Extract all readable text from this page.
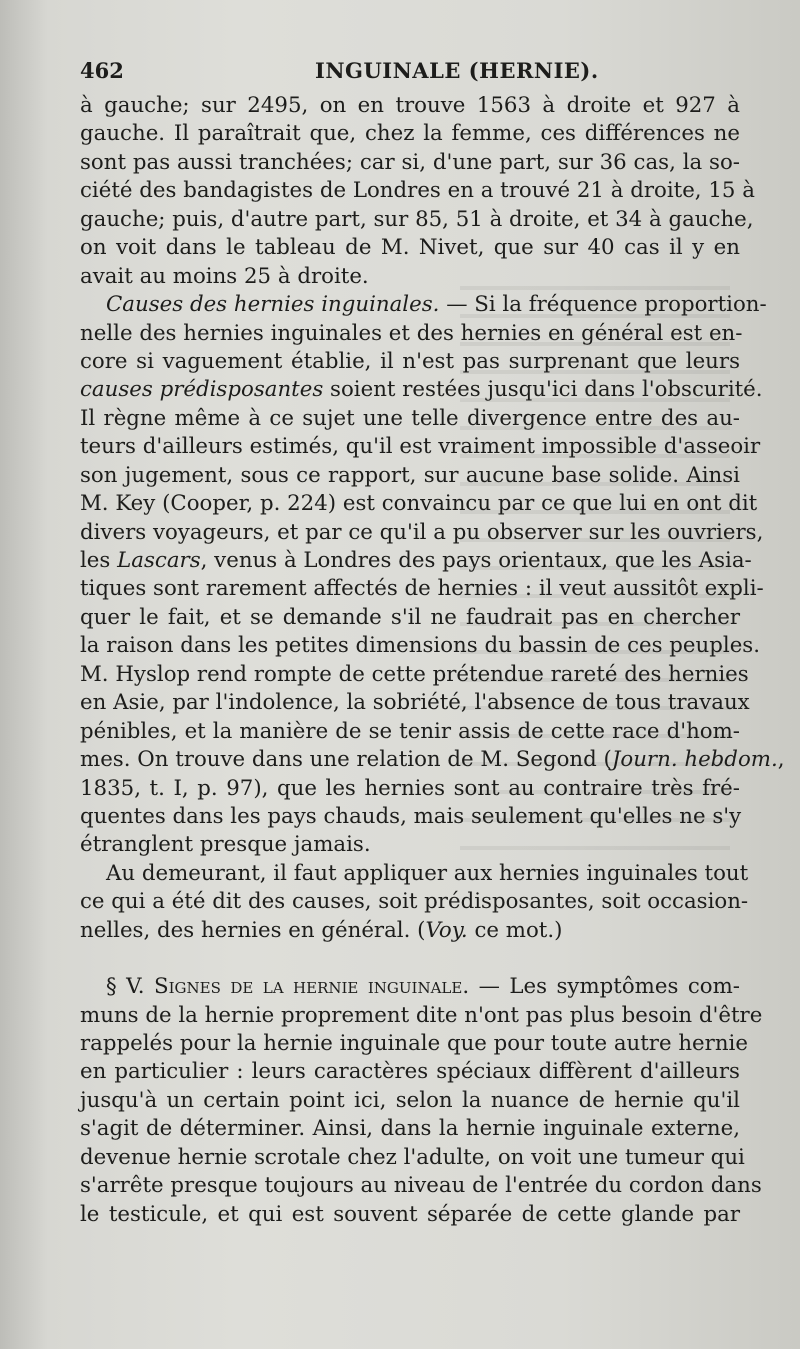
462	INGUINALE (HERNIE).
à gauche; sur 2495, on en trouve 1563 à droite et 927 à
gauche. Il paraîtrait que, chez la femme, ces différences ne
sont pas aussi tranchées; car si, d'une part, sur 36 cas, la so-
ciété des bandagistes de Londres en a trouvé 21 à droite, 15 à
gauche; puis, d'autre part, sur 85, 51 à droite, et 34 à gauche,
on voit dans le tableau de M. Nivet, que sur 40 cas il y en
avait au moins 25 à droite.
Causes des hernies inguinales. — Si la fréquence proportion-
nelle des hernies inguinales et des hernies en général est en-
core si vaguement établie, il n'est pas surprenant que leurs
causes prédisposantes soient restées jusqu'ici dans l'obscurité.
Il règne même à ce sujet une telle divergence entre des au-
teurs d'ailleurs estimés, qu'il est vraiment impossible d'asseoir
son jugement, sous ce rapport, sur aucune base solide. Ainsi
M. Key (Cooper, p. 224) est convaincu par ce que lui en ont dit
divers voyageurs, et par ce qu'il a pu observer sur les ouvriers,
les Lascars, venus à Londres des pays orientaux, que les Asia-
tiques sont rarement affectés de hernies : il veut aussitôt expli-
quer le fait, et se demande s'il ne faudrait pas en chercher
la raison dans les petites dimensions du bassin de ces peuples.
M. Hyslop rend rompte de cette prétendue rareté des hernies
en Asie, par l'indolence, la sobriété, l'absence de tous travaux
pénibles, et la manière de se tenir assis de cette race d'hom-
mes. On trouve dans une relation de M. Segond (Journ. hebdom.,
1835, t. I, p. 97), que les hernies sont au contraire très fré-
quentes dans les pays chauds, mais seulement qu'elles ne s'y
étranglent presque jamais.
Au demeurant, il faut appliquer aux hernies inguinales tout
ce qui a été dit des causes, soit prédisposantes, soit occasion-
nelles, des hernies en général. (Voy. ce mot.)
§ V. Signes de la hernie inguinale. — Les symptômes com-
muns de la hernie proprement dite n'ont pas plus besoin d'être
rappelés pour la hernie inguinale que pour toute autre hernie
en particulier : leurs caractères spéciaux diffèrent d'ailleurs
jusqu'à un certain point ici, selon la nuance de hernie qu'il
s'agit de déterminer. Ainsi, dans la hernie inguinale externe,
devenue hernie scrotale chez l'adulte, on voit une tumeur qui
s'arrête presque toujours au niveau de l'entrée du cordon dans
le testicule, et qui est souvent séparée de cette glande par
